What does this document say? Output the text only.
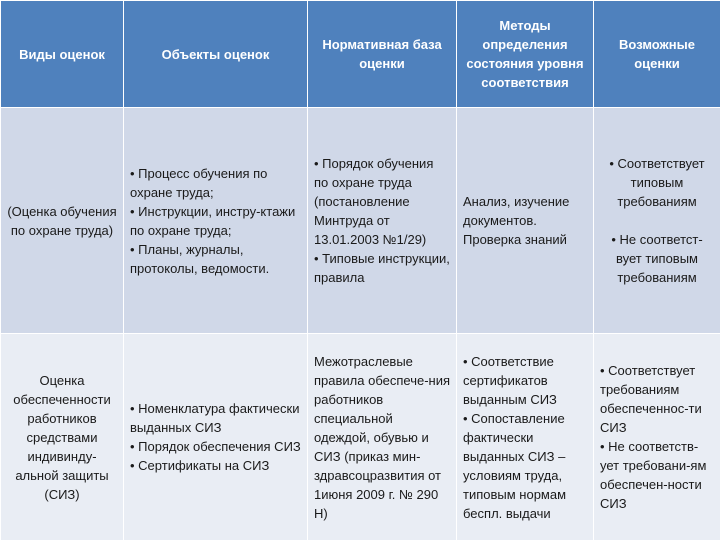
Виды оценок	Объекты оценок	Нормативная база оценки	Методы определения состояния уровня соответствия	Возможные оценки
(Оценка обучения по охране труда)	• Процесс обучения по охране труда;
• Инструкции, инстру-ктажи по охране труда;
• Планы, журналы, протоколы, ведомости.	• Порядок обучения по охране труда (постановление Минтруда от 13.01.2003 №1/29)
• Типовые инструкции, правила	Анализ, изучение документов. Проверка знаний	• Соответствует типовым требованиям
• Не соответст-вует типовым требованиям

Оценка обеспеченности работников средствами индивинду-альной защиты (СИЗ)	• Номенклатура фактически выданных СИЗ
• Порядок обеспечения СИЗ
• Сертификаты на СИЗ	Межотраслевые правила обеспече-ния работников специальной одеждой, обувью и СИЗ (приказ мин-здравсоцразвития от 1июня 2009 г. № 290 Н)	• Соответствие сертификатов выданным СИЗ
• Сопоставление фактически выданных СИЗ – условиям труда, типовым нормам беспл. выдачи	• Соответствует требованиям обеспеченнос-ти СИЗ
• Не соответств-ует требовани-ям обеспечен-ности СИЗ
